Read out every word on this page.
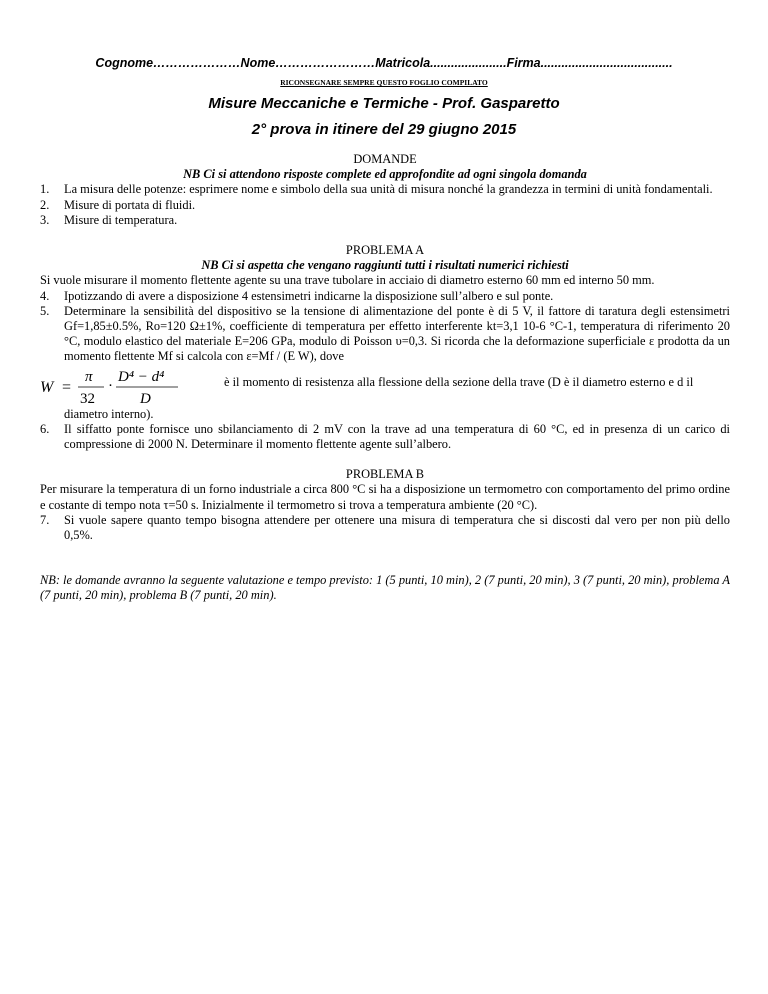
Cognome…………………Nome……………………Matricola......................Firma......................................
RICONSEGNARE SEMPRE QUESTO FOGLIO COMPILATO
Misure Meccaniche e Termiche - Prof. Gasparetto
2° prova in itinere del 29 giugno 2015
DOMANDE
NB Ci si attendono risposte complete ed approfondite ad ogni singola domanda
1. La misura delle potenze: esprimere nome e simbolo della sua unità di misura nonché la grandezza in termini di unità fondamentali.
2. Misure di portata di fluidi.
3. Misure di temperatura.
PROBLEMA A
NB Ci si aspetta che vengano raggiunti tutti i risultati numerici richiesti
Si vuole misurare il momento flettente agente su una trave tubolare in acciaio di diametro esterno 60 mm ed interno 50 mm.
4. Ipotizzando di avere a disposizione 4 estensimetri indicarne la disposizione sull’albero e sul ponte.
5. Determinare la sensibilità del dispositivo se la tensione di alimentazione del ponte è di 5 V, il fattore di taratura degli estensimetri Gf=1,85±0.5%, Ro=120 Ω±1%, coefficiente di temperatura per effetto interferente kt=3,1 10-6 °C-1, temperatura di riferimento 20 °C, modulo elastico del materiale E=206 GPa, modulo di Poisson υ=0,3. Si ricorda che la deformazione superficiale ε prodotta da un momento flettente Mf si calcola con ε=Mf / (E W), dove
W =
π
32
·
D⁴ − d⁴
D
è il momento di resistenza alla flessione della sezione della trave (D è il diametro esterno e d il
diametro interno).
6. Il siffatto ponte fornisce uno sbilanciamento di 2 mV con la trave ad una temperatura di 60 °C, ed in presenza di un carico di compressione di 2000 N. Determinare il momento flettente agente sull’albero.
PROBLEMA B
Per misurare la temperatura di un forno industriale a circa 800 °C si ha a disposizione un termometro con comportamento del primo ordine e costante di tempo nota τ=50 s. Inizialmente il termometro si trova a temperatura ambiente (20 °C).
7. Si vuole sapere quanto tempo bisogna attendere per ottenere una misura di temperatura che si discosti dal vero per non più dello 0,5%.
NB: le domande avranno la seguente valutazione e tempo previsto: 1 (5 punti, 10 min), 2 (7 punti, 20 min), 3 (7 punti, 20 min), problema A (7 punti, 20 min), problema B (7 punti, 20 min).
